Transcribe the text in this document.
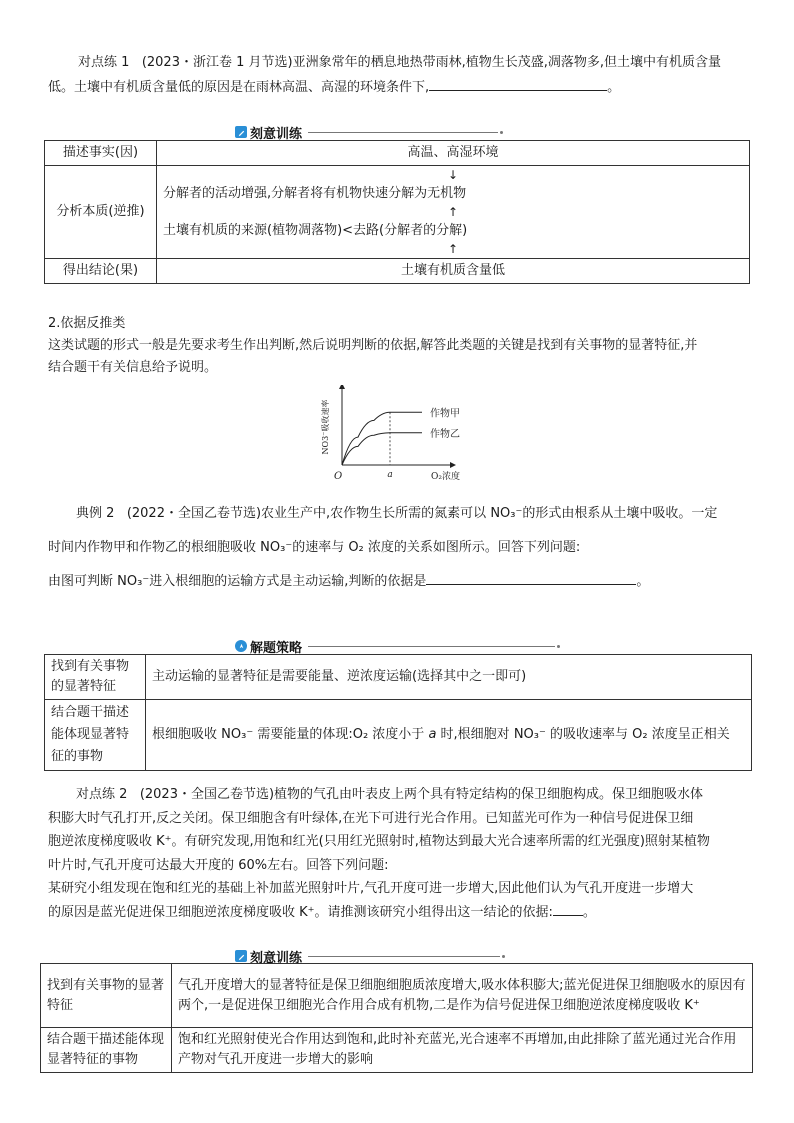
对点练 1 (2023・浙江卷 1 月节选)亚洲象常年的栖息地热带雨林,植物生长茂盛,凋落物多,但土壤中有机质含量
低。土壤中有机质含量低的原因是在雨林高温、高湿的环境条件下,	。
刻意训练
描述事实(因)	高温、高湿环境
分析本质(逆推)	↓
分解者的活动增强,分解者将有机物快速分解为无机物
↑
土壤有机质的来源(植物凋落物)<去路(分解者的分解)
↑

得出结论(果)	土壤有机质含量低
2.依据反推类
这类试题的形式一般是先要求考生作出判断,然后说明判断的依据,解答此类题的关键是找到有关事物的显著特征,并
结合题干有关信息给予说明。
NO3⁻吸收速率
O	O₂浓度
a
作物甲
作物乙
典例 2 (2022・全国乙卷节选)农业生产中,农作物生长所需的氮素可以 NO₃⁻的形式由根系从土壤中吸收。一定
时间内作物甲和作物乙的根细胞吸收 NO₃⁻的速率与 O₂ 浓度的关系如图所示。回答下列问题:
由图可判断 NO₃⁻进入根细胞的运输方式是主动运输,判断的依据是	。
解题策略
找到有关事物的显著特征	主动运输的显著特征是需要能量、逆浓度运输(选择其中之一即可)
结合题干描述能体现显著特征的事物	根细胞吸收 NO₃⁻ 需要能量的体现:O₂ 浓度小于 a 时,根细胞对 NO₃⁻ 的吸收速率与 O₂ 浓度呈正相关
对点练 2 (2023・全国乙卷节选)植物的气孔由叶表皮上两个具有特定结构的保卫细胞构成。保卫细胞吸水体
积膨大时气孔打开,反之关闭。保卫细胞含有叶绿体,在光下可进行光合作用。已知蓝光可作为一种信号促进保卫细
胞逆浓度梯度吸收 K⁺。有研究发现,用饱和红光(只用红光照射时,植物达到最大光合速率所需的红光强度)照射某植物
叶片时,气孔开度可达最大开度的 60%左右。回答下列问题:
某研究小组发现在饱和红光的基础上补加蓝光照射叶片,气孔开度可进一步增大,因此他们认为气孔开度进一步增大
的原因是蓝光促进保卫细胞逆浓度梯度吸收 K⁺。请推测该研究小组得出这一结论的依据: 。
刻意训练
找到有关事物的显著特征	气孔开度增大的显著特征是保卫细胞细胞质浓度增大,吸水体积膨大;蓝光促进保卫细胞吸水的原因有两个,一是促进保卫细胞光合作用合成有机物,二是作为信号促进保卫细胞逆浓度梯度吸收 K⁺
结合题干描述能体现显著特征的事物	饱和红光照射使光合作用达到饱和,此时补充蓝光,光合速率不再增加,由此排除了蓝光通过光合作用产物对气孔开度进一步增大的影响
